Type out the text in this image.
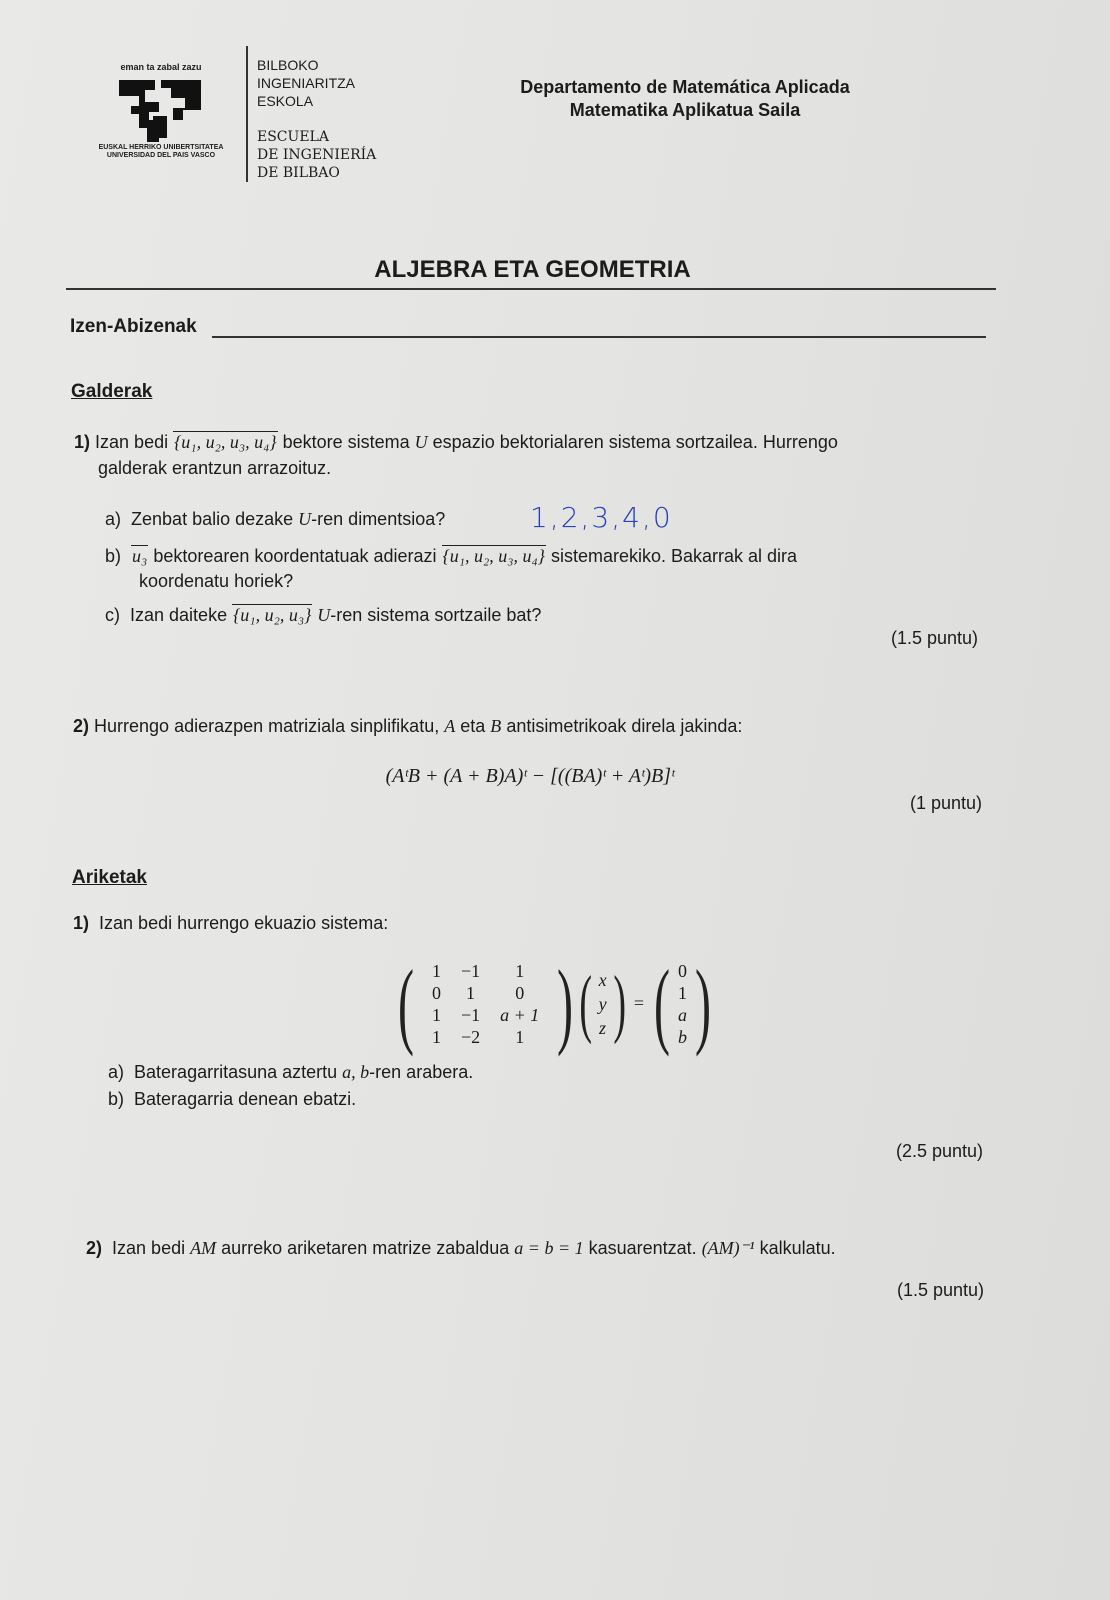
eman ta zabal zazu
EUSKAL HERRIKO UNIBERTSITATEA
UNIVERSIDAD DEL PAIS VASCO
BILBOKO
INGENIARITZA
ESKOLA
ESCUELA
DE INGENIERÍA
DE BILBAO
Departamento de Matemática Aplicada
Matematika Aplikatua Saila
ALJEBRA ETA GEOMETRIA
Izen-Abizenak
Galderak
1) Izan bedi {u₁, u₂, u₃, u₄} bektore sistema U espazio bektorialaren sistema sortzailea. Hurrengo
galderak erantzun arrazoituz.
a) Zenbat balio dezake U-ren dimentsioa?	1,2,3,4,0
b) u₃ bektorearen koordentatuak adierazi {u₁, u₂, u₃, u₄} sistemarekiko. Bakarrak al dira
koordenatu horiek?
c) Izan daiteke {u₁, u₂, u₃} U-ren sistema sortzaile bat?
(1.5 puntu)
2) Hurrengo adierazpen matriziala sinplifikatu, A eta B antisimetrikoak direla jakinda:
(AᵗB + (A + B)A)ᵗ − [((BA)ᵗ + Aᵗ)B]ᵗ
(1 puntu)
Ariketak
1) Izan bedi hurrengo ekuazio sistema:
( 1	−1	1
0	1	0
1	−1	a + 1
1	−2	1 ) ( x
y
z ) = ( 0
1
a
b )
a) Bateragarritasuna aztertu a, b-ren arabera.
b) Bateragarria denean ebatzi.
(2.5 puntu)
2) Izan bedi AM aurreko ariketaren matrize zabaldua a = b = 1 kasuarentzat. (AM)⁻¹ kalkulatu.
(1.5 puntu)
